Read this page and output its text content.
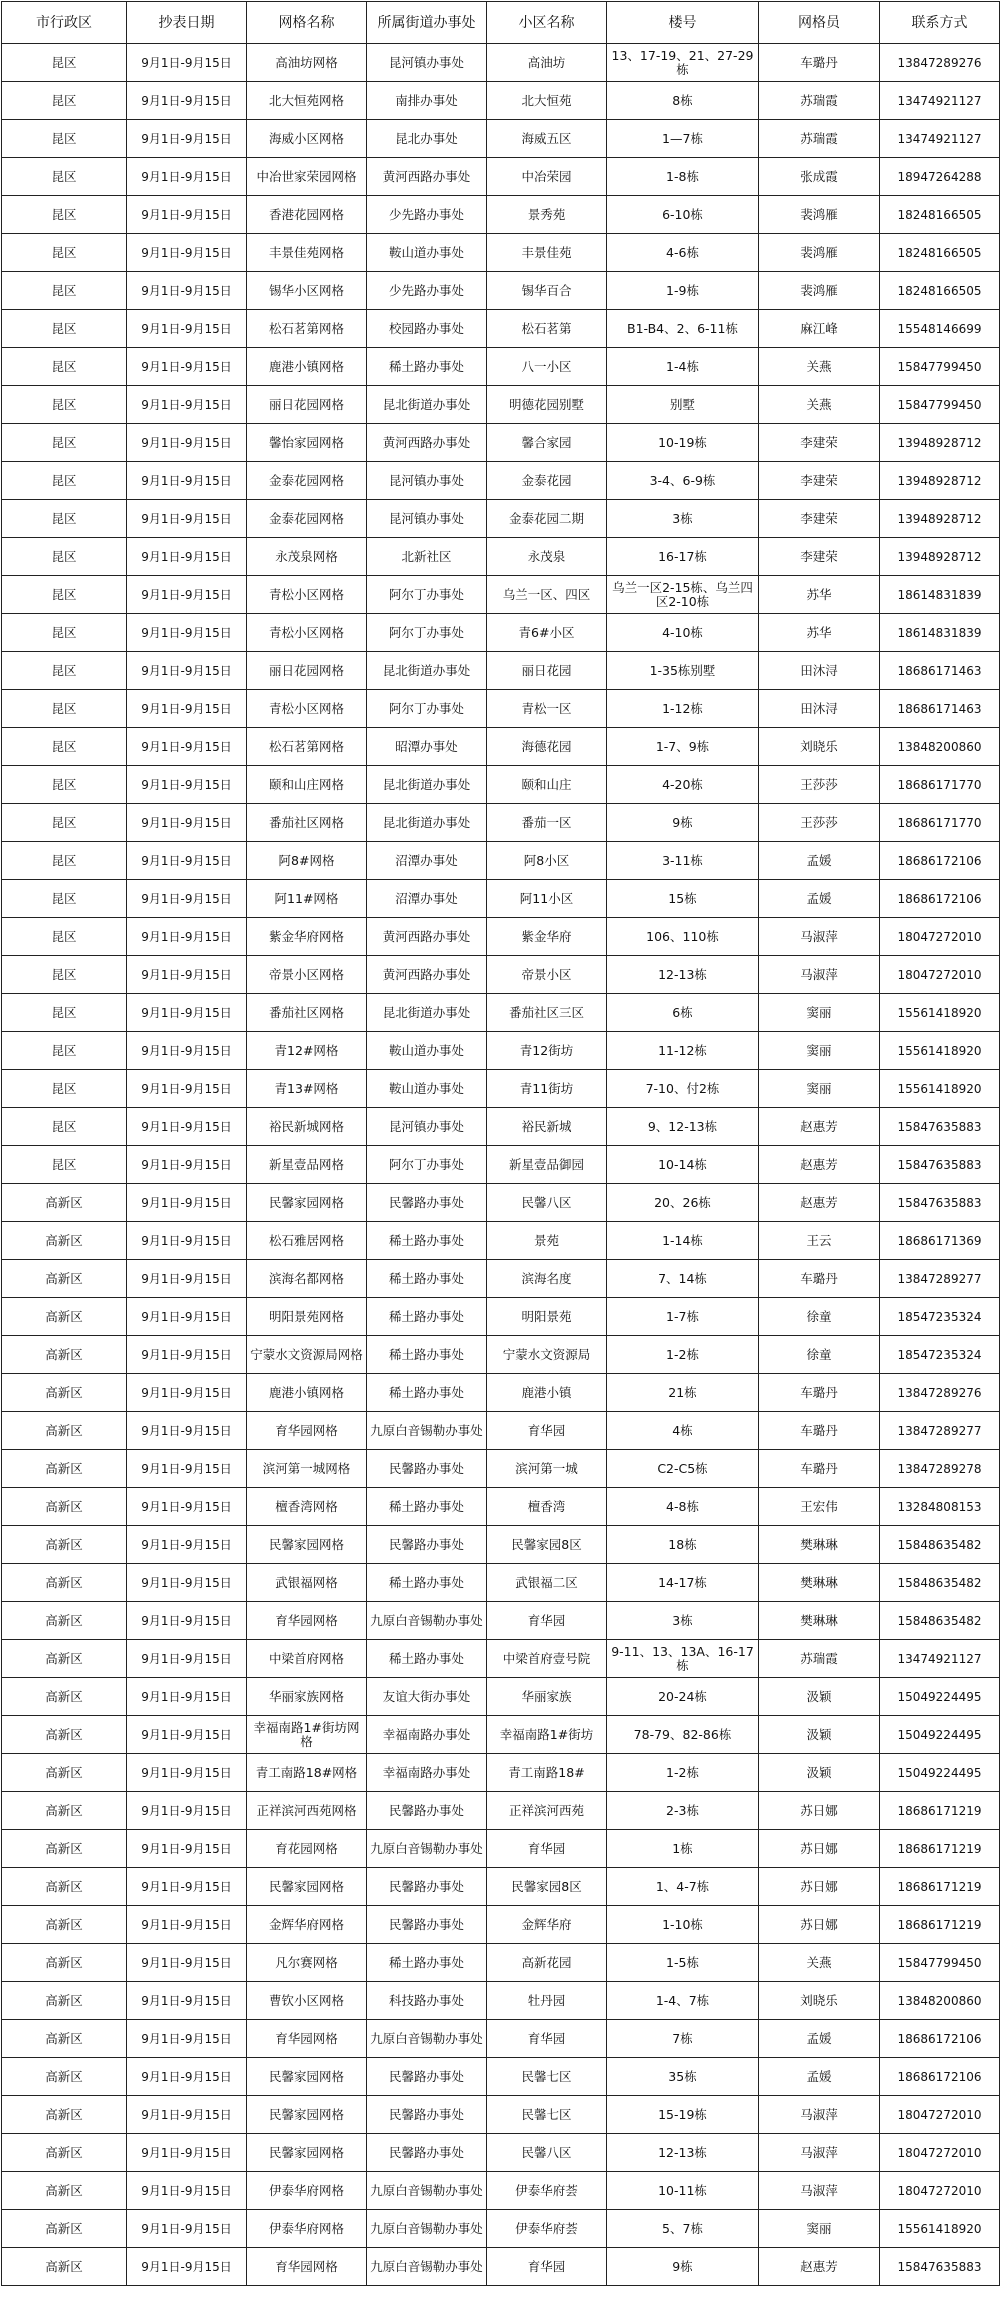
市行政区	抄表日期	网格名称	所属街道办事处	小区名称	楼号	网格员	联系方式
昆区	9月1日-9月15日	高油坊网格	昆河镇办事处	高油坊	13、17-19、21、27-29栋	车璐丹	13847289276
昆区	9月1日-9月15日	北大恒苑网格	南排办事处	北大恒苑	8栋	苏瑞霞	13474921127
昆区	9月1日-9月15日	海威小区网格	昆北办事处	海威五区	1—7栋	苏瑞霞	13474921127
昆区	9月1日-9月15日	中冶世家荣园网格	黄河西路办事处	中冶荣园	1-8栋	张成霞	18947264288
昆区	9月1日-9月15日	香港花园网格	少先路办事处	景秀苑	6-10栋	裴鸿雁	18248166505
昆区	9月1日-9月15日	丰景佳苑网格	鞍山道办事处	丰景佳苑	4-6栋	裴鸿雁	18248166505
昆区	9月1日-9月15日	锡华小区网格	少先路办事处	锡华百合	1-9栋	裴鸿雁	18248166505
昆区	9月1日-9月15日	松石茗第网格	校园路办事处	松石茗第	B1-B4、2、6-11栋	麻江峰	15548146699
昆区	9月1日-9月15日	鹿港小镇网格	稀土路办事处	八一小区	1-4栋	关燕	15847799450
昆区	9月1日-9月15日	丽日花园网格	昆北街道办事处	明德花园别墅	别墅	关燕	15847799450
昆区	9月1日-9月15日	馨怡家园网格	黄河西路办事处	馨合家园	10-19栋	李建荣	13948928712
昆区	9月1日-9月15日	金泰花园网格	昆河镇办事处	金泰花园	3-4、6-9栋	李建荣	13948928712
昆区	9月1日-9月15日	金泰花园网格	昆河镇办事处	金泰花园二期	3栋	李建荣	13948928712
昆区	9月1日-9月15日	永茂泉网格	北新社区	永茂泉	16-17栋	李建荣	13948928712
昆区	9月1日-9月15日	青松小区网格	阿尔丁办事处	乌兰一区、四区	乌兰一区2-15栋、乌兰四区2-10栋	苏华	18614831839
昆区	9月1日-9月15日	青松小区网格	阿尔丁办事处	青6#小区	4-10栋	苏华	18614831839
昆区	9月1日-9月15日	丽日花园网格	昆北街道办事处	丽日花园	1-35栋别墅	田沐浔	18686171463
昆区	9月1日-9月15日	青松小区网格	阿尔丁办事处	青松一区	1-12栋	田沐浔	18686171463
昆区	9月1日-9月15日	松石茗第网格	昭潭办事处	海德花园	1-7、9栋	刘晓乐	13848200860
昆区	9月1日-9月15日	颐和山庄网格	昆北街道办事处	颐和山庄	4-20栋	王莎莎	18686171770
昆区	9月1日-9月15日	番茄社区网格	昆北街道办事处	番茄一区	9栋	王莎莎	18686171770
昆区	9月1日-9月15日	阿8#网格	沼潭办事处	阿8小区	3-11栋	孟媛	18686172106
昆区	9月1日-9月15日	阿11#网格	沼潭办事处	阿11小区	15栋	孟媛	18686172106
昆区	9月1日-9月15日	紫金华府网格	黄河西路办事处	紫金华府	106、110栋	马淑萍	18047272010
昆区	9月1日-9月15日	帝景小区网格	黄河西路办事处	帝景小区	12-13栋	马淑萍	18047272010
昆区	9月1日-9月15日	番茄社区网格	昆北街道办事处	番茄社区三区	6栋	窦丽	15561418920
昆区	9月1日-9月15日	青12#网格	鞍山道办事处	青12街坊	11-12栋	窦丽	15561418920
昆区	9月1日-9月15日	青13#网格	鞍山道办事处	青11街坊	7-10、付2栋	窦丽	15561418920
昆区	9月1日-9月15日	裕民新城网格	昆河镇办事处	裕民新城	9、12-13栋	赵惠芳	15847635883
昆区	9月1日-9月15日	新星壹品网格	阿尔丁办事处	新星壹品御园	10-14栋	赵惠芳	15847635883
高新区	9月1日-9月15日	民馨家园网格	民馨路办事处	民馨八区	20、26栋	赵惠芳	15847635883
高新区	9月1日-9月15日	松石雅居网格	稀土路办事处	景苑	1-14栋	王云	18686171369
高新区	9月1日-9月15日	滨海名都网格	稀土路办事处	滨海名度	7、14栋	车璐丹	13847289277
高新区	9月1日-9月15日	明阳景苑网格	稀土路办事处	明阳景苑	1-7栋	徐童	18547235324
高新区	9月1日-9月15日	宁蒙水文资源局网格	稀土路办事处	宁蒙水文资源局	1-2栋	徐童	18547235324
高新区	9月1日-9月15日	鹿港小镇网格	稀土路办事处	鹿港小镇	21栋	车璐丹	13847289276
高新区	9月1日-9月15日	育华园网格	九原白音锡勒办事处	育华园	4栋	车璐丹	13847289277
高新区	9月1日-9月15日	滨河第一城网格	民馨路办事处	滨河第一城	C2-C5栋	车璐丹	13847289278
高新区	9月1日-9月15日	檀香湾网格	稀土路办事处	檀香湾	4-8栋	王宏伟	13284808153
高新区	9月1日-9月15日	民馨家园网格	民馨路办事处	民馨家园8区	18栋	樊琳琳	15848635482
高新区	9月1日-9月15日	武银福网格	稀土路办事处	武银福二区	14-17栋	樊琳琳	15848635482
高新区	9月1日-9月15日	育华园网格	九原白音锡勒办事处	育华园	3栋	樊琳琳	15848635482
高新区	9月1日-9月15日	中梁首府网格	稀土路办事处	中梁首府壹号院	9-11、13、13A、16-17栋	苏瑞霞	13474921127
高新区	9月1日-9月15日	华丽家族网格	友谊大街办事处	华丽家族	20-24栋	汲颖	15049224495
高新区	9月1日-9月15日	幸福南路1#街坊网格	幸福南路办事处	幸福南路1#街坊	78-79、82-86栋	汲颖	15049224495
高新区	9月1日-9月15日	青工南路18#网格	幸福南路办事处	青工南路18#	1-2栋	汲颖	15049224495
高新区	9月1日-9月15日	正祥滨河西苑网格	民馨路办事处	正祥滨河西苑	2-3栋	苏日娜	18686171219
高新区	9月1日-9月15日	育花园网格	九原白音锡勒办事处	育华园	1栋	苏日娜	18686171219
高新区	9月1日-9月15日	民馨家园网格	民馨路办事处	民馨家园8区	1、4-7栋	苏日娜	18686171219
高新区	9月1日-9月15日	金辉华府网格	民馨路办事处	金辉华府	1-10栋	苏日娜	18686171219
高新区	9月1日-9月15日	凡尔赛网格	稀土路办事处	高新花园	1-5栋	关燕	15847799450
高新区	9月1日-9月15日	曹钦小区网格	科技路办事处	牡丹园	1-4、7栋	刘晓乐	13848200860
高新区	9月1日-9月15日	育华园网格	九原白音锡勒办事处	育华园	7栋	孟媛	18686172106
高新区	9月1日-9月15日	民馨家园网格	民馨路办事处	民馨七区	35栋	孟媛	18686172106
高新区	9月1日-9月15日	民馨家园网格	民馨路办事处	民馨七区	15-19栋	马淑萍	18047272010
高新区	9月1日-9月15日	民馨家园网格	民馨路办事处	民馨八区	12-13栋	马淑萍	18047272010
高新区	9月1日-9月15日	伊泰华府网格	九原白音锡勒办事处	伊泰华府荟	10-11栋	马淑萍	18047272010
高新区	9月1日-9月15日	伊泰华府网格	九原白音锡勒办事处	伊泰华府荟	5、7栋	窦丽	15561418920
高新区	9月1日-9月15日	育华园网格	九原白音锡勒办事处	育华园	9栋	赵惠芳	15847635883
